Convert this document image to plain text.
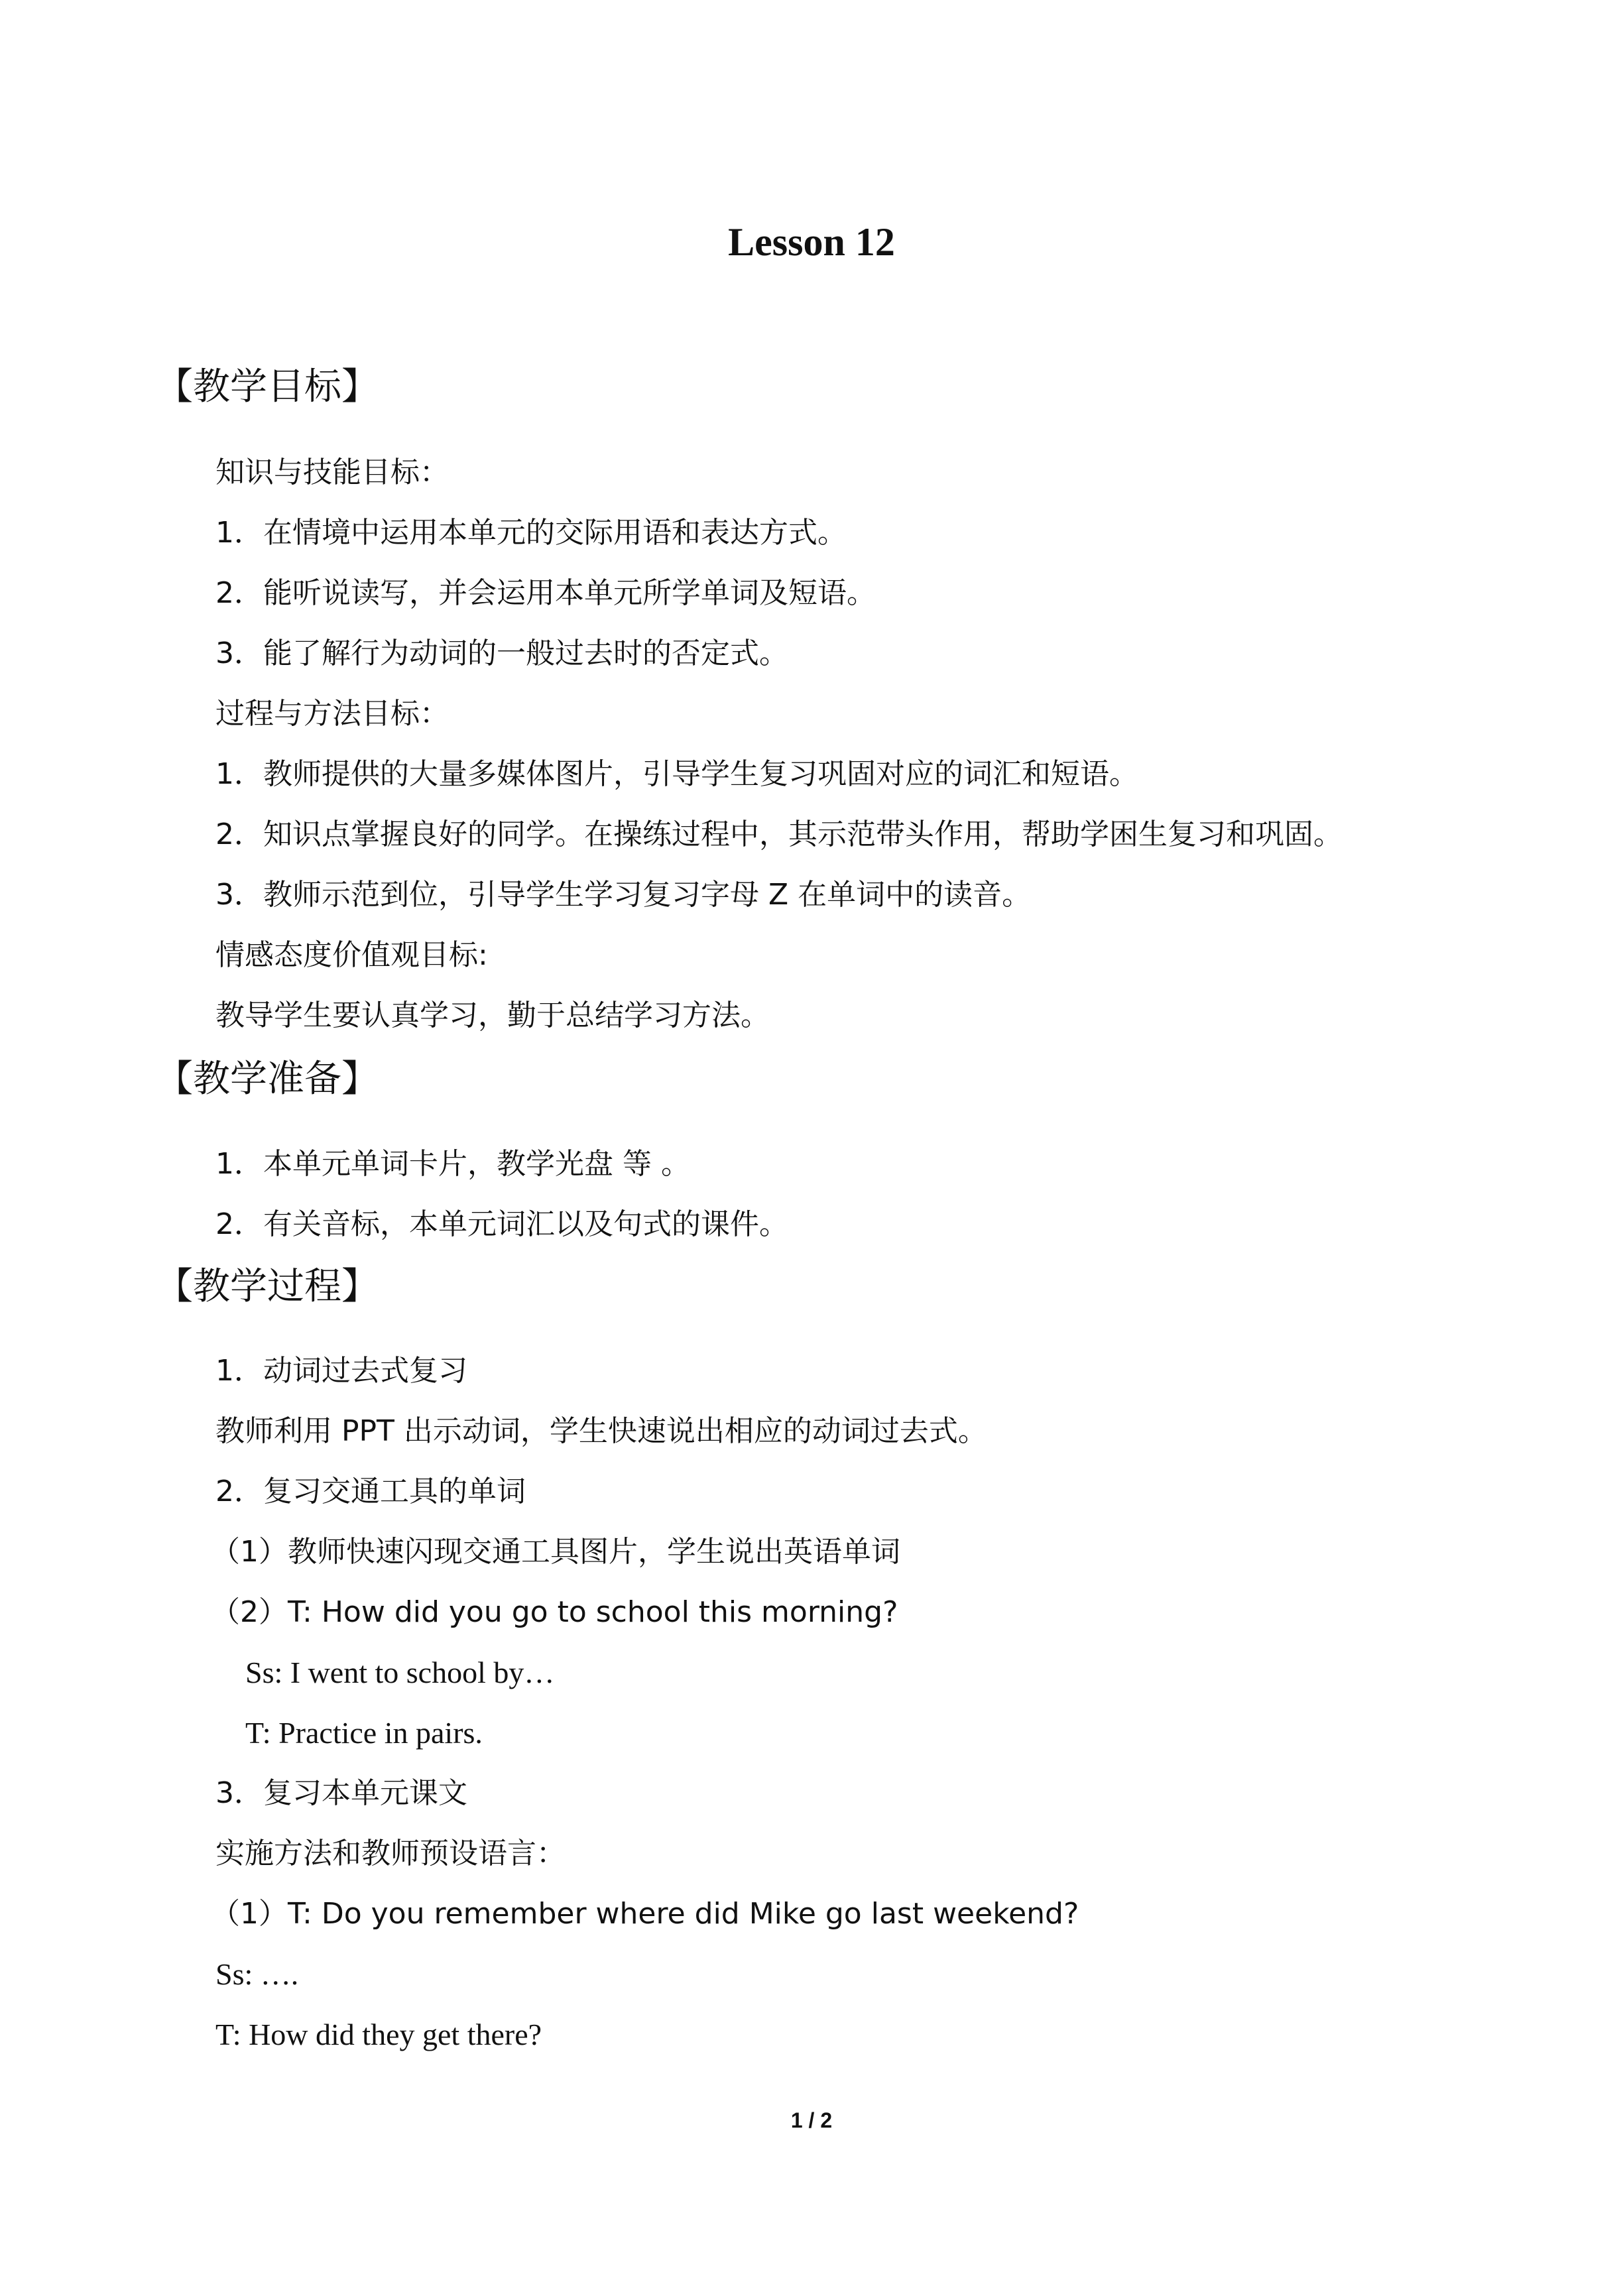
Lesson 12
【教学目标】

知识与技能目标：

1．在情境中运用本单元的交际用语和表达方式。

2．能听说读写，并会运用本单元所学单词及短语。

3．能了解行为动词的一般过去时的否定式。

过程与方法目标：

1．教师提供的大量多媒体图片，引导学生复习巩固对应的词汇和短语。

2．知识点掌握良好的同学。在操练过程中，其示范带头作用，帮助学困生复习和巩固。

3．教师示范到位，引导学生学习复习字母 Z 在单词中的读音。

情感态度价值观目标:

教导学生要认真学习，勤于总结学习方法。

【教学准备】

1．本单元单词卡片，教学光盘 等 。

2．有关音标，本单元词汇以及句式的课件。

【教学过程】

1．动词过去式复习

教师利用 PPT 出示动词，学生快速说出相应的动词过去式。

2．复习交通工具的单词

（1）教师快速闪现交通工具图片，学生说出英语单词

（2）T: How did you go to school this morning?

Ss: I went to school by…

T: Practice in pairs.

3．复习本单元课文

实施方法和教师预设语言：

（1）T: Do you remember where did Mike go last weekend?

Ss: ….

T: How did they get there?

1 / 2
